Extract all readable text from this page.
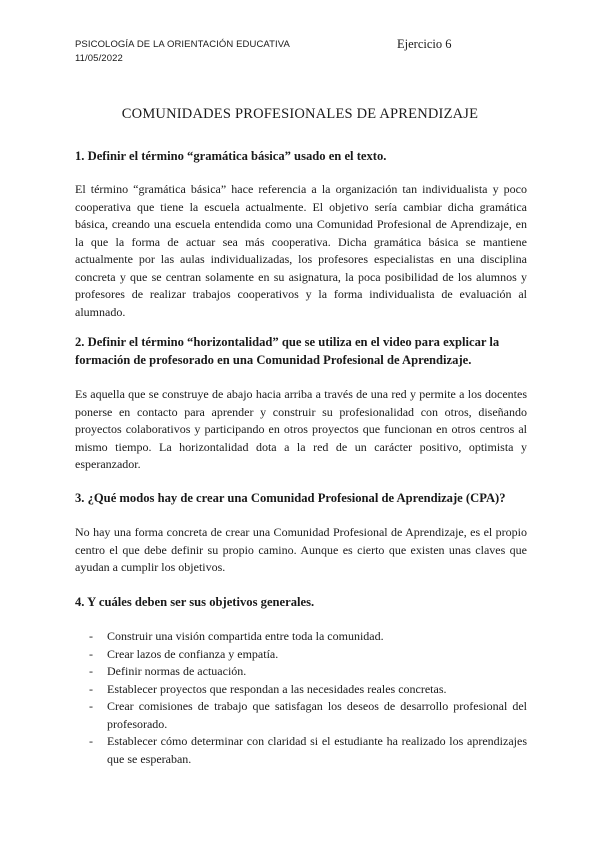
PSICOLOGÍA DE LA ORIENTACIÓN EDUCATIVA
11/05/2022
Ejercicio 6
COMUNIDADES PROFESIONALES DE APRENDIZAJE
1. Definir el término “gramática básica” usado en el texto.
El término “gramática básica” hace referencia a la organización tan individualista y poco cooperativa que tiene la escuela actualmente. El objetivo sería cambiar dicha gramática básica, creando una escuela entendida como una Comunidad Profesional de Aprendizaje, en la que la forma de actuar sea más cooperativa. Dicha gramática básica se mantiene actualmente por las aulas individualizadas, los profesores especialistas en una disciplina concreta y que se centran solamente en su asignatura, la poca posibilidad de los alumnos y profesores de realizar trabajos cooperativos y la forma individualista de evaluación al alumnado.
2. Definir el término “horizontalidad” que se utiliza en el video para explicar la formación de profesorado en una Comunidad Profesional de Aprendizaje.
Es aquella que se construye de abajo hacia arriba a través de una red y permite a los docentes ponerse en contacto para aprender y construir su profesionalidad con otros, diseñando proyectos colaborativos y participando en otros proyectos que funcionan en otros centros al mismo tiempo. La horizontalidad dota a la red de un carácter positivo, optimista y esperanzador.
3. ¿Qué modos hay de crear una Comunidad Profesional de Aprendizaje (CPA)?
No hay una forma concreta de crear una Comunidad Profesional de Aprendizaje, es el propio centro el que debe definir su propio camino. Aunque es cierto que existen unas claves que ayudan a cumplir los objetivos.
4. Y cuáles deben ser sus objetivos generales.
- Construir una visión compartida entre toda la comunidad.
- Crear lazos de confianza y empatía.
- Definir normas de actuación.
- Establecer proyectos que respondan a las necesidades reales concretas.
- Crear comisiones de trabajo que satisfagan los deseos de desarrollo profesional del profesorado.
- Establecer cómo determinar con claridad si el estudiante ha realizado los aprendizajes que se esperaban.
